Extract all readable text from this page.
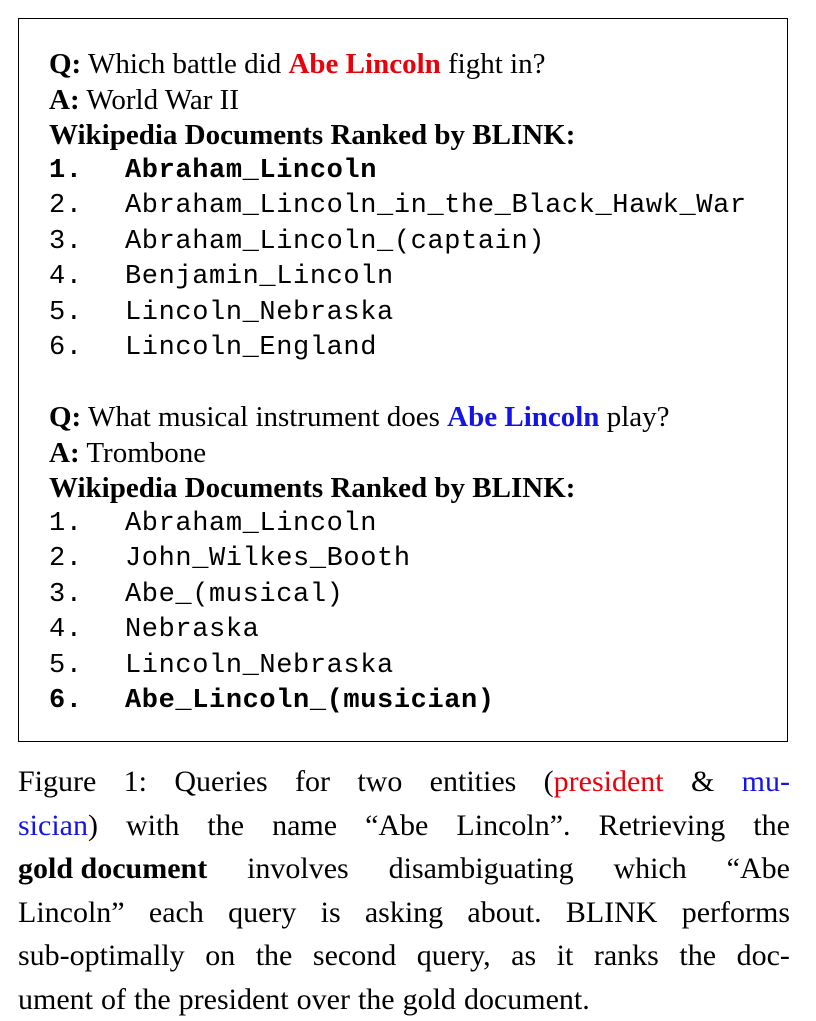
Q: Which battle did Abe Lincoln fight in?
A: World War II
Wikipedia Documents Ranked by BLINK:
1. Abraham_Lincoln
2. Abraham_Lincoln_in_the_Black_Hawk_War
3. Abraham_Lincoln_(captain)
4. Benjamin_Lincoln
5. Lincoln_Nebraska
6. Lincoln_England
Q: What musical instrument does Abe Lincoln play?
A: Trombone
Wikipedia Documents Ranked by BLINK:
1. Abraham_Lincoln
2. John_Wilkes_Booth
3. Abe_(musical)
4. Nebraska
5. Lincoln_Nebraska
6. Abe_Lincoln_(musician)
Figure 1: Queries for two entities (president & mu-
sician) with the name “Abe Lincoln”. Retrieving the
gold document involves disambiguating which “Abe
Lincoln” each query is asking about. BLINK performs
sub-optimally on the second query, as it ranks the doc-
ument of the president over the gold document.
